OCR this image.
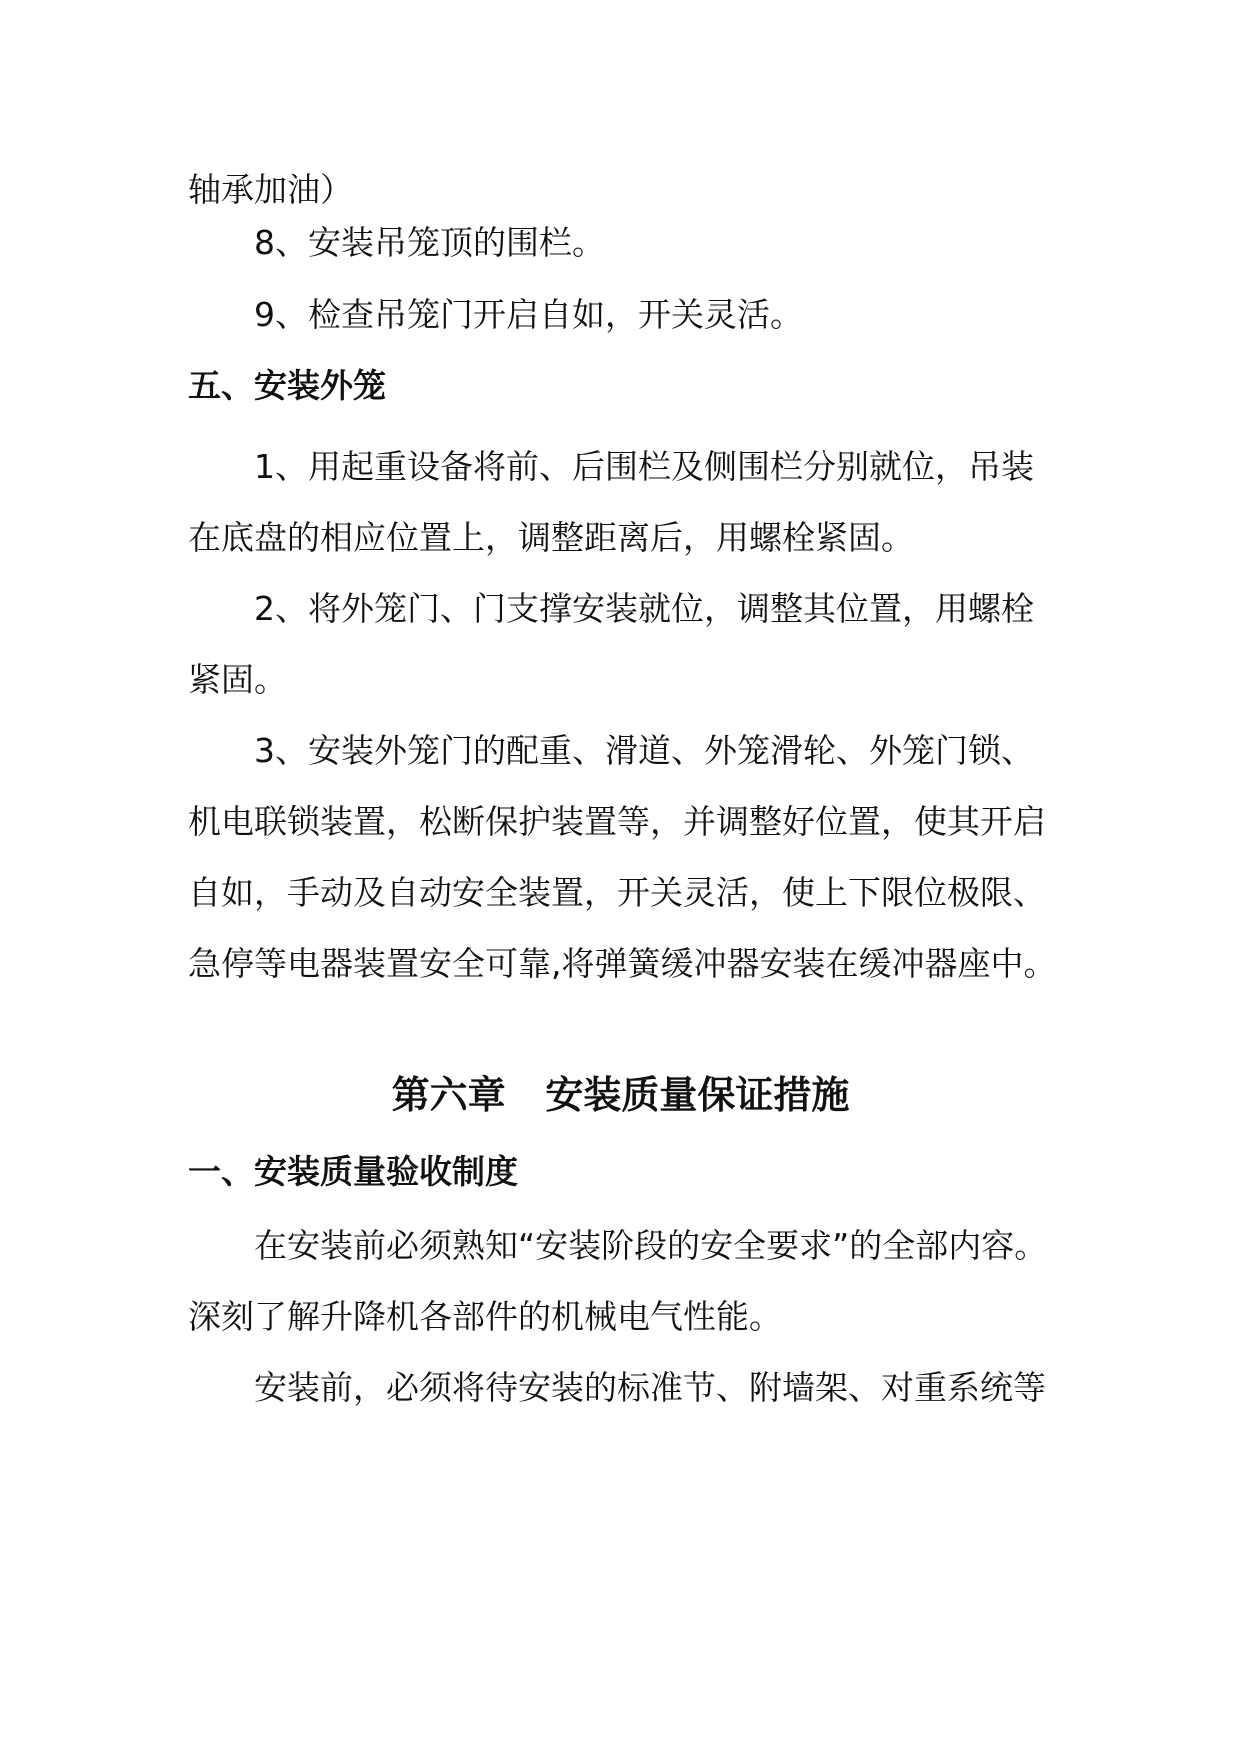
轴承加油）
8、安装吊笼顶的围栏。
9、检查吊笼门开启自如，开关灵活。
五、安装外笼
1、用起重设备将前、后围栏及侧围栏分别就位，吊装
在底盘的相应位置上，调整距离后，用螺栓紧固。
2、将外笼门、门支撑安装就位，调整其位置，用螺栓
紧固。
3、安装外笼门的配重、滑道、外笼滑轮、外笼门锁、
机电联锁装置，松断保护装置等，并调整好位置，使其开启
自如，手动及自动安全装置，开关灵活，使上下限位极限、
急停等电器装置安全可靠,将弹簧缓冲器安装在缓冲器座中。
第六章   安装质量保证措施
一、安装质量验收制度
在安装前必须熟知“安装阶段的安全要求”的全部内容。
深刻了解升降机各部件的机械电气性能。
安装前，必须将待安装的标准节、附墙架、对重系统等
